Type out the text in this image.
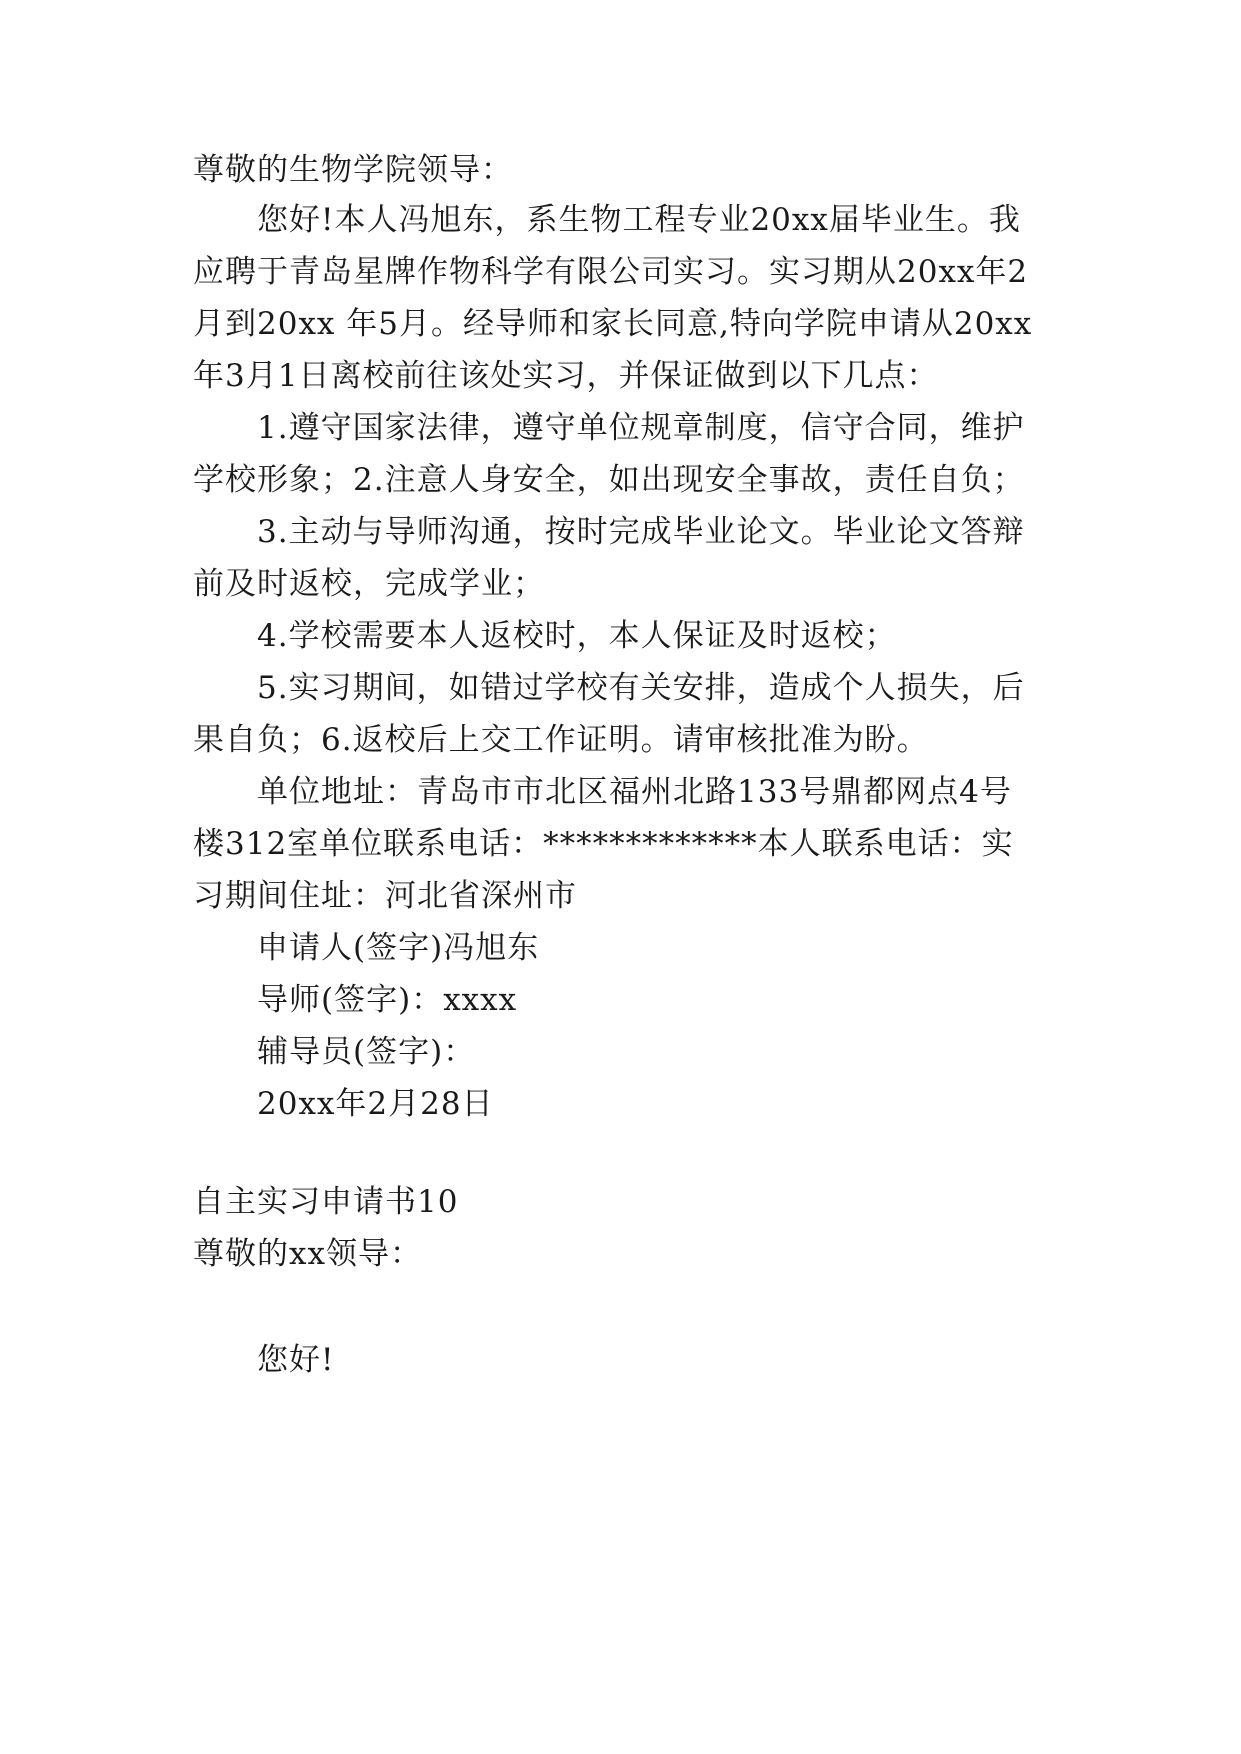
尊敬的生物学院领导：
您好!本人冯旭东，系生物工程专业20xx届毕业生。我
应聘于青岛星牌作物科学有限公司实习。实习期从20xx年2
月到20xx 年5月。经导师和家长同意,特向学院申请从20xx
年3月1日离校前往该处实习，并保证做到以下几点：
1.遵守国家法律，遵守单位规章制度，信守合同，维护
学校形象；2.注意人身安全，如出现安全事故，责任自负；
3.主动与导师沟通，按时完成毕业论文。毕业论文答辩
前及时返校，完成学业；
4.学校需要本人返校时，本人保证及时返校；
5.实习期间，如错过学校有关安排，造成个人损失，后
果自负；6.返校后上交工作证明。请审核批准为盼。
单位地址：青岛市市北区福州北路133号鼎都网点4号
楼312室单位联系电话：*************本人联系电话：实
习期间住址：河北省深州市
申请人(签字)冯旭东
导师(签字)：xxxx
辅导员(签字)：
20xx年2月28日
自主实习申请书10
尊敬的xx领导：
您好!
